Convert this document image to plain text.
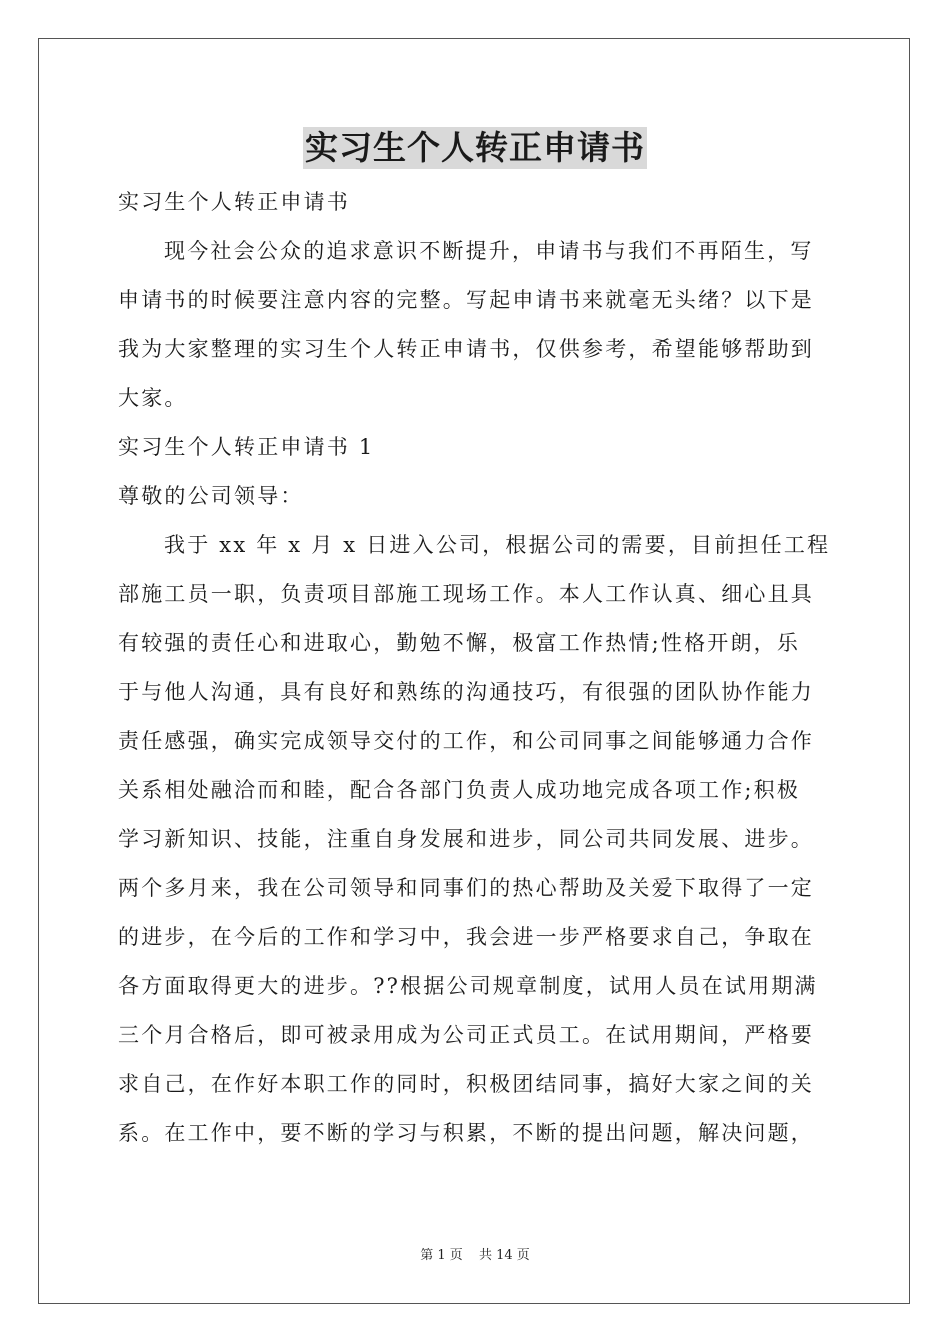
实习生个人转正申请书
实习生个人转正申请书
现今社会公众的追求意识不断提升，申请书与我们不再陌生，写
申请书的时候要注意内容的完整。写起申请书来就毫无头绪？以下是
我为大家整理的实习生个人转正申请书，仅供参考，希望能够帮助到
大家。
实习生个人转正申请书 1
尊敬的公司领导：
我于 xx 年 x 月 x 日进入公司，根据公司的需要，目前担任工程
部施工员一职，负责项目部施工现场工作。本人工作认真、细心且具
有较强的责任心和进取心，勤勉不懈，极富工作热情;性格开朗，乐
于与他人沟通，具有良好和熟练的沟通技巧，有很强的团队协作能力
责任感强，确实完成领导交付的工作，和公司同事之间能够通力合作
关系相处融洽而和睦，配合各部门负责人成功地完成各项工作;积极
学习新知识、技能，注重自身发展和进步，同公司共同发展、进步。
两个多月来，我在公司领导和同事们的热心帮助及关爱下取得了一定
的进步，在今后的工作和学习中，我会进一步严格要求自己，争取在
各方面取得更大的进步。??根据公司规章制度，试用人员在试用期满
三个月合格后，即可被录用成为公司正式员工。在试用期间，严格要
求自己，在作好本职工作的同时，积极团结同事，搞好大家之间的关
系。在工作中，要不断的学习与积累，不断的提出问题，解决问题，
第 1 页 共 14 页
